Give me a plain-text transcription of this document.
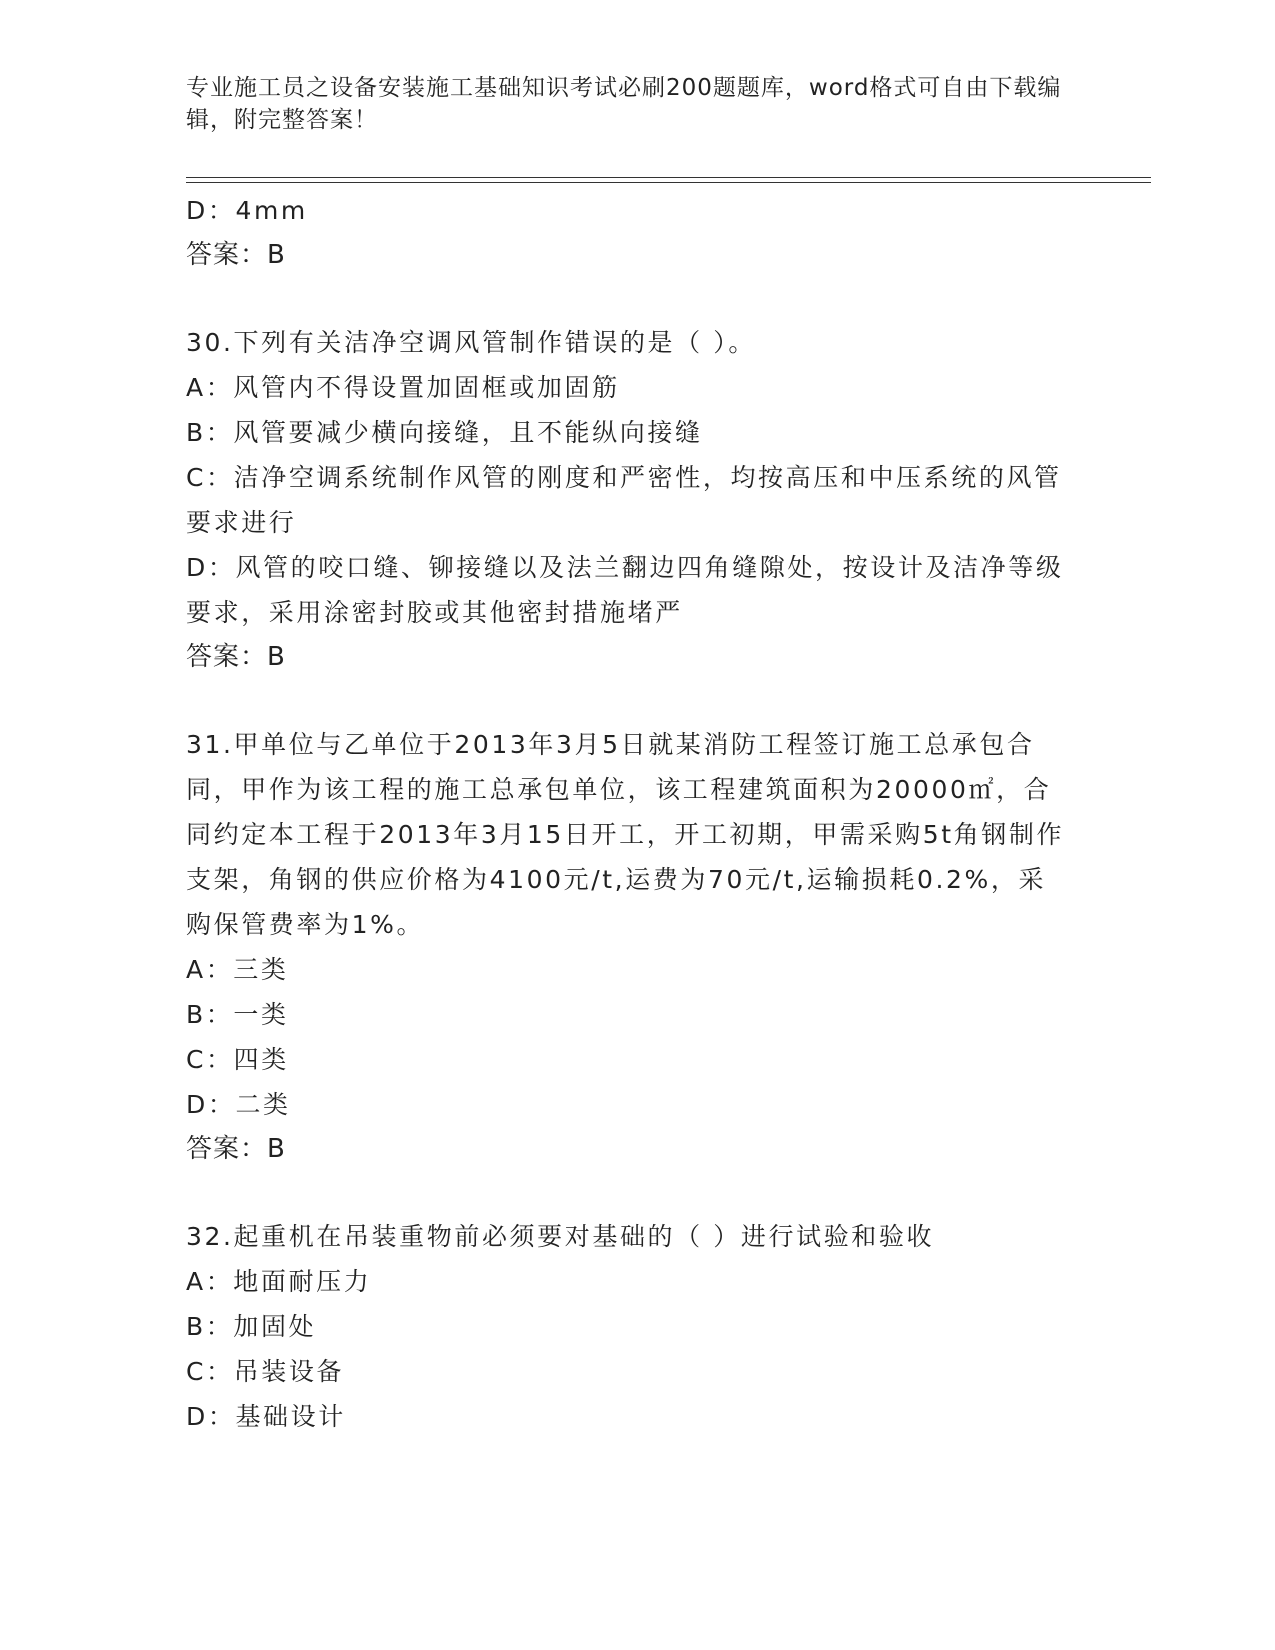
专业施工员之设备安装施工基础知识考试必刷200题题库，word格式可自由下载编辑，附完整答案！

D：4mm

答案：B

30.下列有关洁净空调风管制作错误的是（ ）。

A：风管内不得设置加固框或加固筋

B：风管要减少横向接缝，且不能纵向接缝

C：洁净空调系统制作风管的刚度和严密性，均按高压和中压系统的风管要求进行

D：风管的咬口缝、铆接缝以及法兰翻边四角缝隙处，按设计及洁净等级要求，采用涂密封胶或其他密封措施堵严

答案：B

31.甲单位与乙单位于2013年3月5日就某消防工程签订施工总承包合同，甲作为该工程的施工总承包单位，该工程建筑面积为20000㎡，合同约定本工程于2013年3月15日开工，开工初期，甲需采购5t角钢制作支架，角钢的供应价格为4100元/t,运费为70元/t,运输损耗0.2%，采购保管费率为1%。

A：三类

B：一类

C：四类

D：二类

答案：B

32.起重机在吊装重物前必须要对基础的（ ）进行试验和验收

A：地面耐压力

B：加固处

C：吊装设备

D：基础设计
